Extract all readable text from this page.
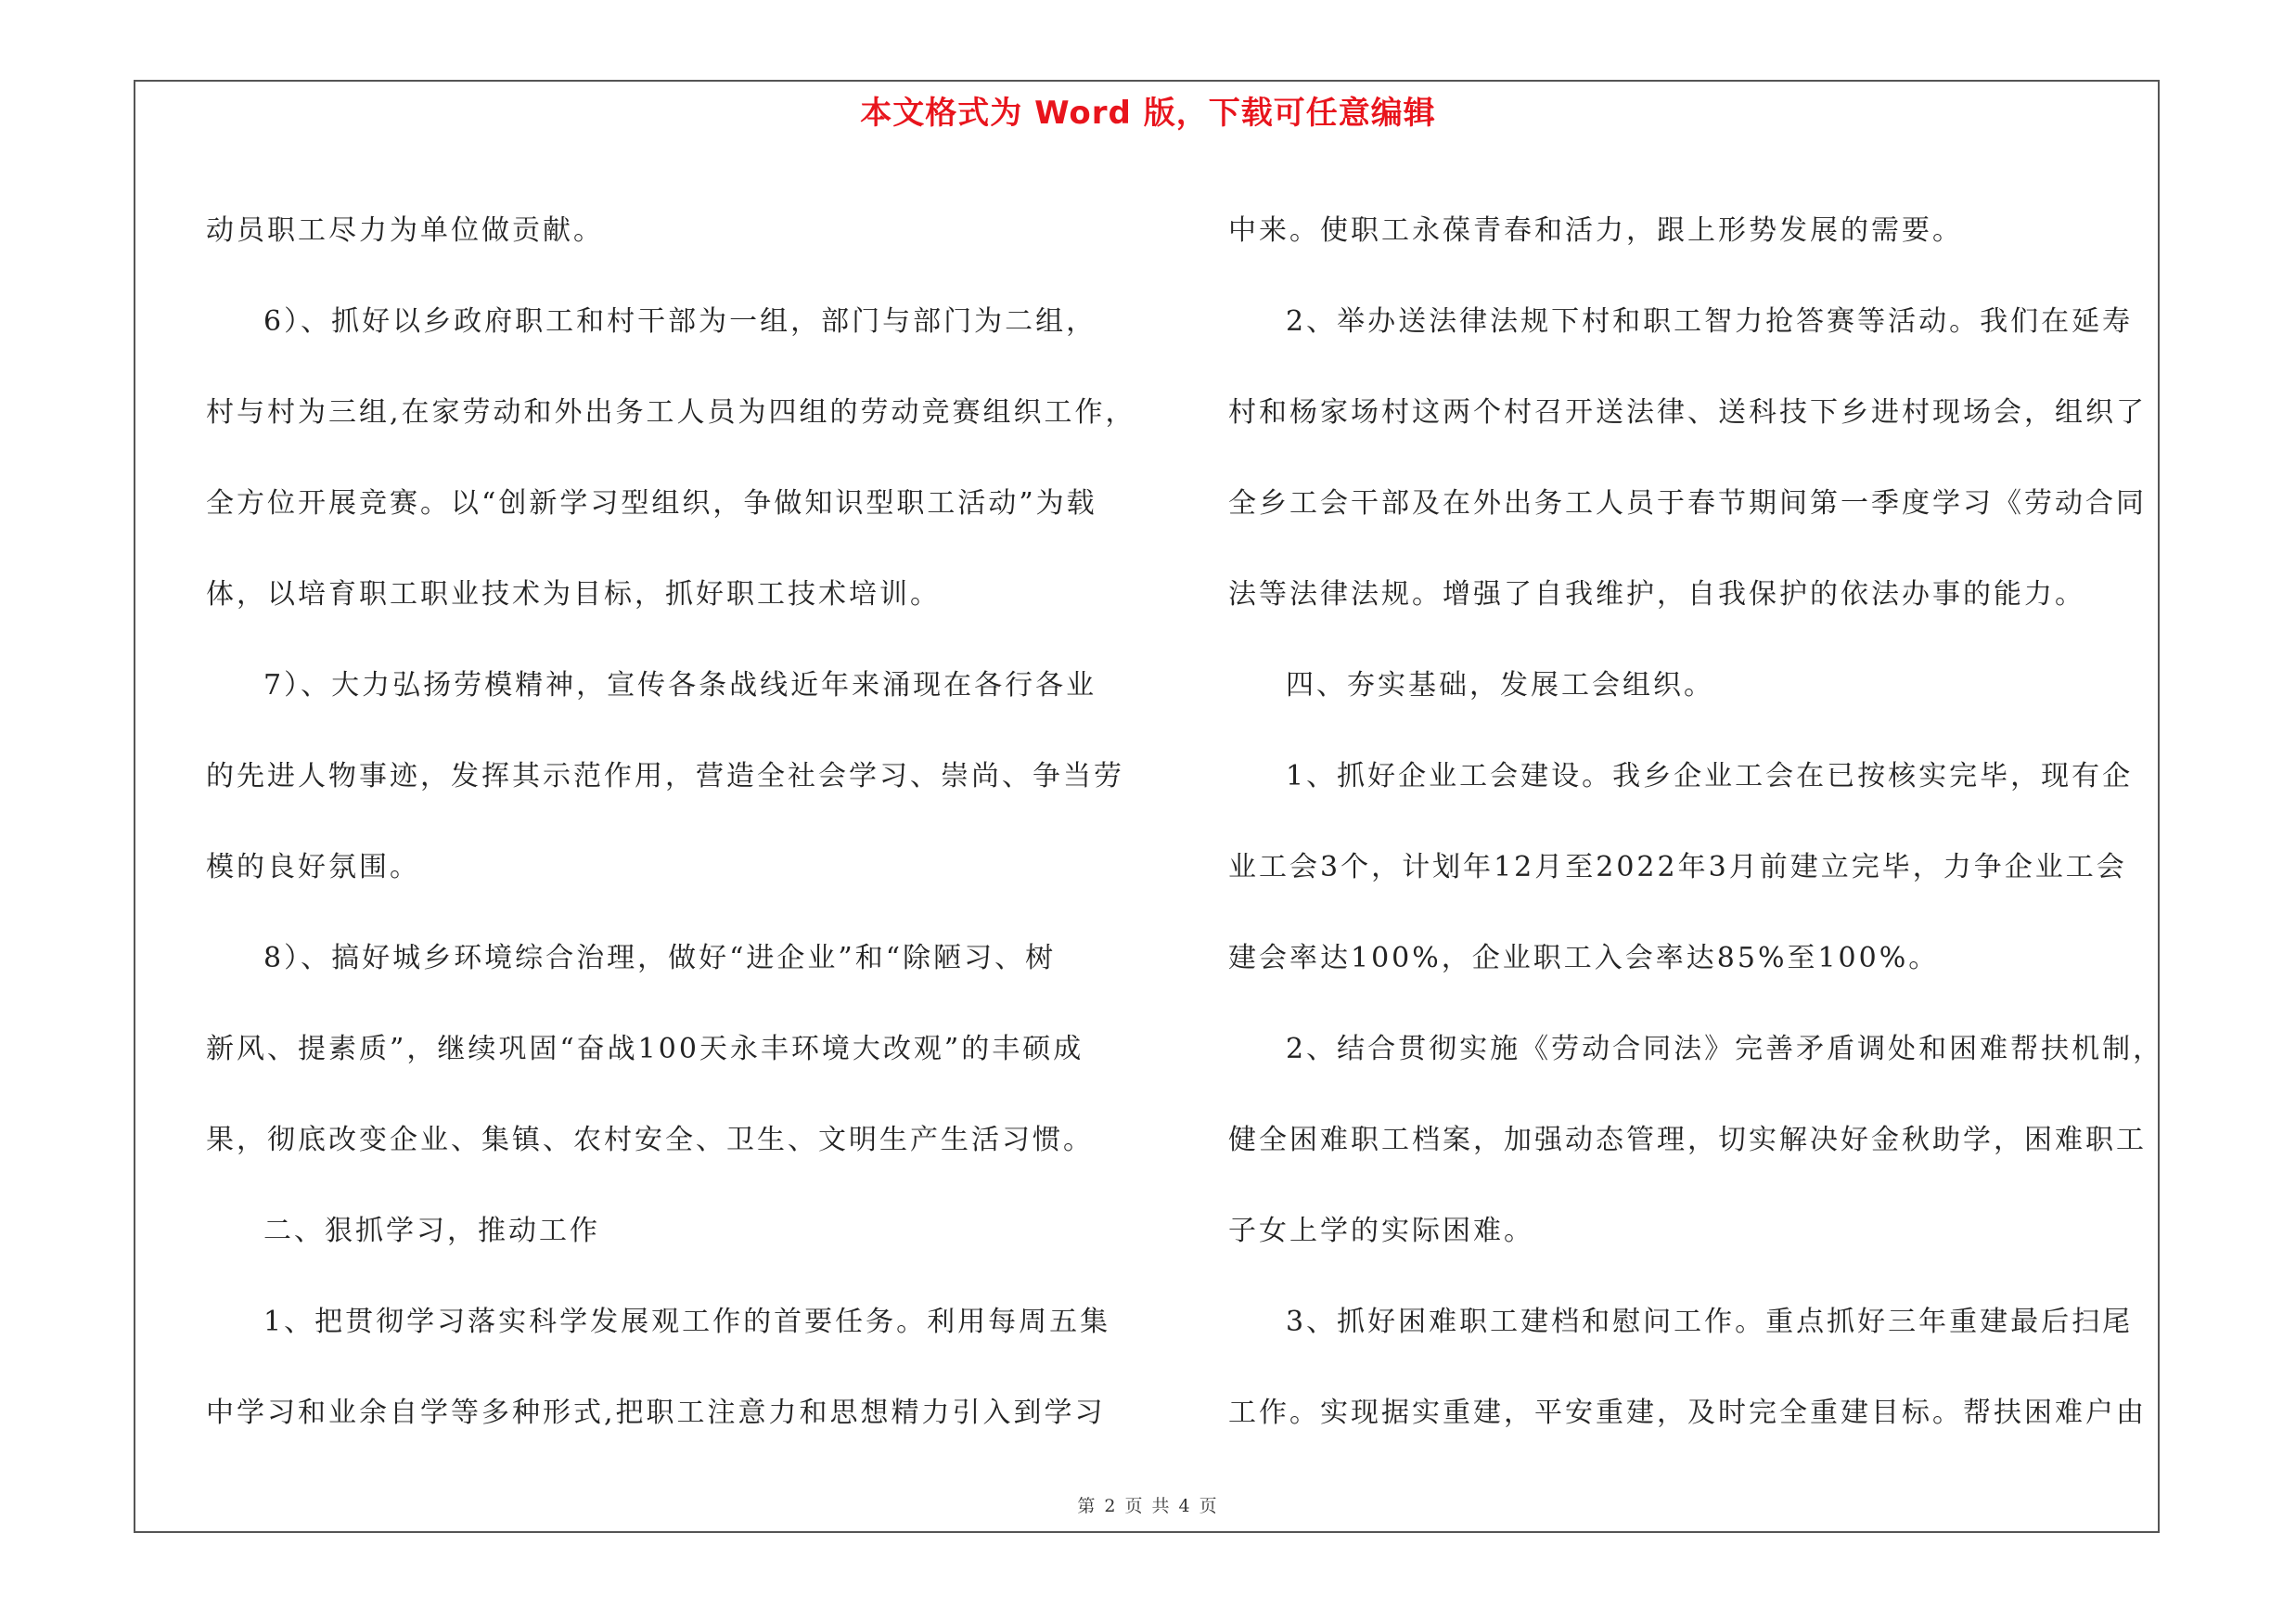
本文格式为 Word 版，下载可任意编辑
动员职工尽力为单位做贡献。
6）、抓好以乡政府职工和村干部为一组，部门与部门为二组，
村与村为三组,在家劳动和外出务工人员为四组的劳动竞赛组织工作，
全方位开展竞赛。以“创新学习型组织，争做知识型职工活动”为载
体，以培育职工职业技术为目标，抓好职工技术培训。
7）、大力弘扬劳模精神，宣传各条战线近年来涌现在各行各业
的先进人物事迹，发挥其示范作用，营造全社会学习、崇尚、争当劳
模的良好氛围。
8）、搞好城乡环境综合治理，做好“进企业”和“除陋习、树
新风、提素质”，继续巩固“奋战100天永丰环境大改观”的丰硕成
果，彻底改变企业、集镇、农村安全、卫生、文明生产生活习惯。
二、狠抓学习，推动工作
1、把贯彻学习落实科学发展观工作的首要任务。利用每周五集
中学习和业余自学等多种形式,把职工注意力和思想精力引入到学习
中来。使职工永葆青春和活力，跟上形势发展的需要。
2、举办送法律法规下村和职工智力抢答赛等活动。我们在延寿
村和杨家场村这两个村召开送法律、送科技下乡进村现场会，组织了
全乡工会干部及在外出务工人员于春节期间第一季度学习《劳动合同
法等法律法规。增强了自我维护，自我保护的依法办事的能力。
四、夯实基础，发展工会组织。
1、抓好企业工会建设。我乡企业工会在已按核实完毕，现有企
业工会3个，计划年12月至2022年3月前建立完毕，力争企业工会
建会率达100%，企业职工入会率达85%至100%。
2、结合贯彻实施《劳动合同法》完善矛盾调处和困难帮扶机制，
健全困难职工档案，加强动态管理，切实解决好金秋助学，困难职工
子女上学的实际困难。
3、抓好困难职工建档和慰问工作。重点抓好三年重建最后扫尾
工作。实现据实重建，平安重建，及时完全重建目标。帮扶困难户由
第 2 页 共 4 页
